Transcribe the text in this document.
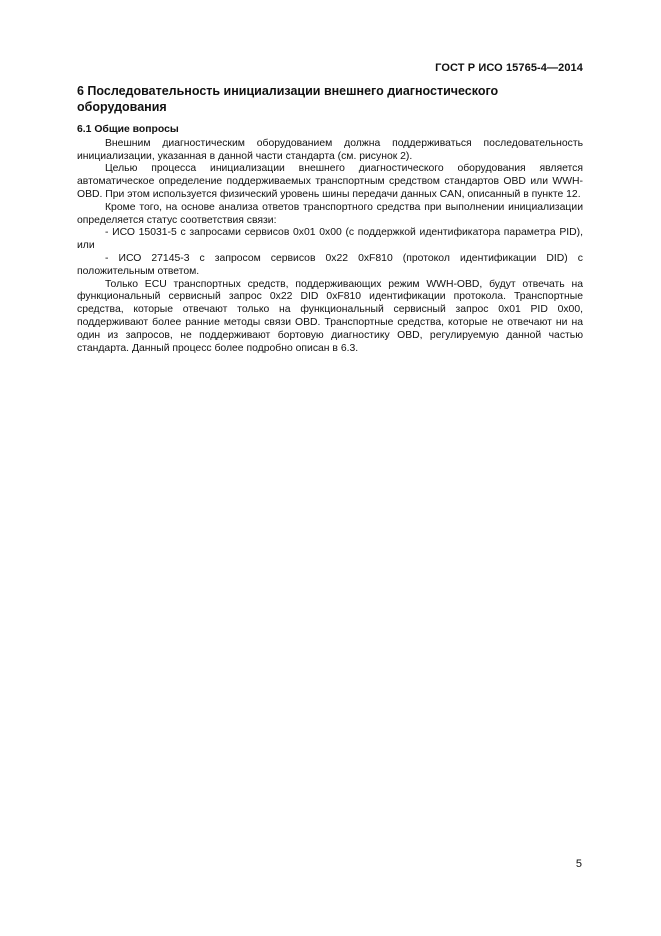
ГОСТ Р ИСО 15765-4—2014
6 Последовательность инициализации внешнего диагностического
оборудования
6.1 Общие вопросы

Внешним диагностическим оборудованием должна поддерживаться последовательность инициализации, указанная в данной части стандарта (см. рисунок 2).

Целью процесса инициализации внешнего диагностического оборудования является автоматическое определение поддерживаемых транспортным средством стандартов OBD или WWH-OBD. При этом используется физический уровень шины передачи данных CAN, описанный в пункте 12.

Кроме того, на основе анализа ответов транспортного средства при выполнении инициализации определяется статус соответствия связи:

- ИСО 15031-5 с запросами сервисов 0x01 0x00 (с поддержкой идентификатора параметра PID), или

- ИСО 27145-3 с запросом сервисов 0x22 0xF810 (протокол идентификации DID) с положительным ответом.

Только ECU транспортных средств, поддерживающих режим WWH-OBD, будут отвечать на функциональный сервисный запрос 0x22 DID 0xF810 идентификации протокола. Транспортные средства, которые отвечают только на функциональный сервисный запрос 0x01 PID 0x00, поддерживают более ранние методы связи OBD. Транспортные средства, которые не отвечают ни на один из запросов, не поддерживают бортовую диагностику OBD, регулируемую данной частью стандарта. Данный процесс более подробно описан в 6.3.

5
